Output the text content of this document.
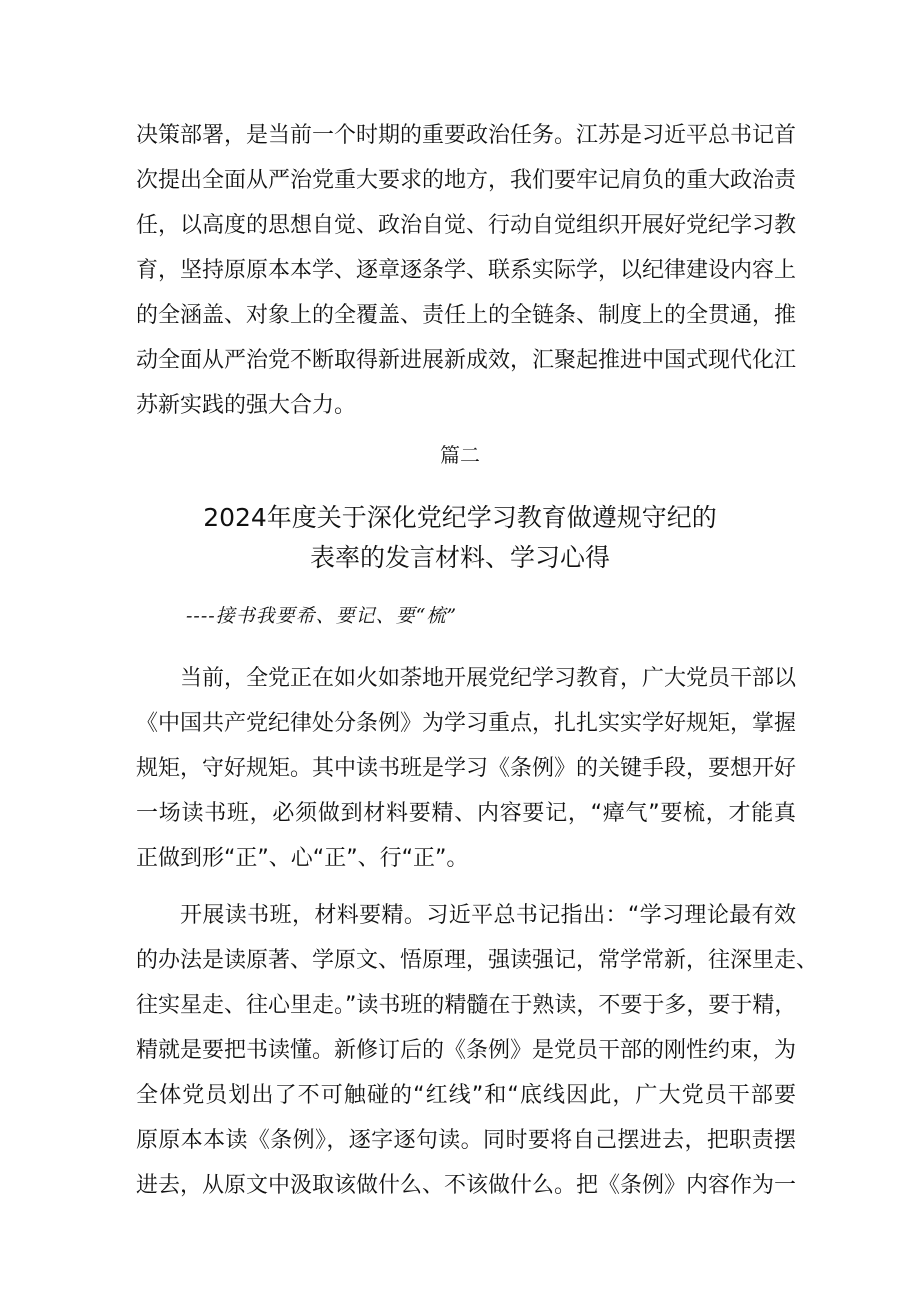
决策部署，是当前一个时期的重要政治任务。江苏是习近平总书记首
次提出全面从严治党重大要求的地方，我们要牢记肩负的重大政治责
任，以高度的思想自觉、政治自觉、行动自觉组织开展好党纪学习教
育，坚持原原本本学、逐章逐条学、联系实际学，以纪律建设内容上
的全涵盖、对象上的全覆盖、责任上的全链条、制度上的全贯通，推
动全面从严治党不断取得新进展新成效，汇聚起推进中国式现代化江
苏新实践的强大合力。
篇二
2024年度关于深化党纪学习教育做遵规守纪的
表率的发言材料、学习心得
----接书我要希、要记、要“梳”
当前，全党正在如火如荼地开展党纪学习教育，广大党员干部以
《中国共产党纪律处分条例》为学习重点，扎扎实实学好规矩，掌握
规矩，守好规矩。其中读书班是学习《条例》的关键手段，要想开好
一场读书班，必须做到材料要精、内容要记，“瘴气”要梳，才能真
正做到形“正”、心“正”、行“正”。
开展读书班，材料要精。习近平总书记指出：“学习理论最有效
的办法是读原著、学原文、悟原理，强读强记，常学常新，往深里走、
往实星走、往心里走。”读书班的精髓在于熟读，不要于多，要于精，
精就是要把书读懂。新修订后的《条例》是党员干部的刚性约束，为
全体党员划出了不可触碰的“红线”和“底线因此，广大党员干部要
原原本本读《条例》，逐字逐句读。同时要将自己摆进去，把职责摆
进去，从原文中汲取该做什么、不该做什么。把《条例》内容作为一
